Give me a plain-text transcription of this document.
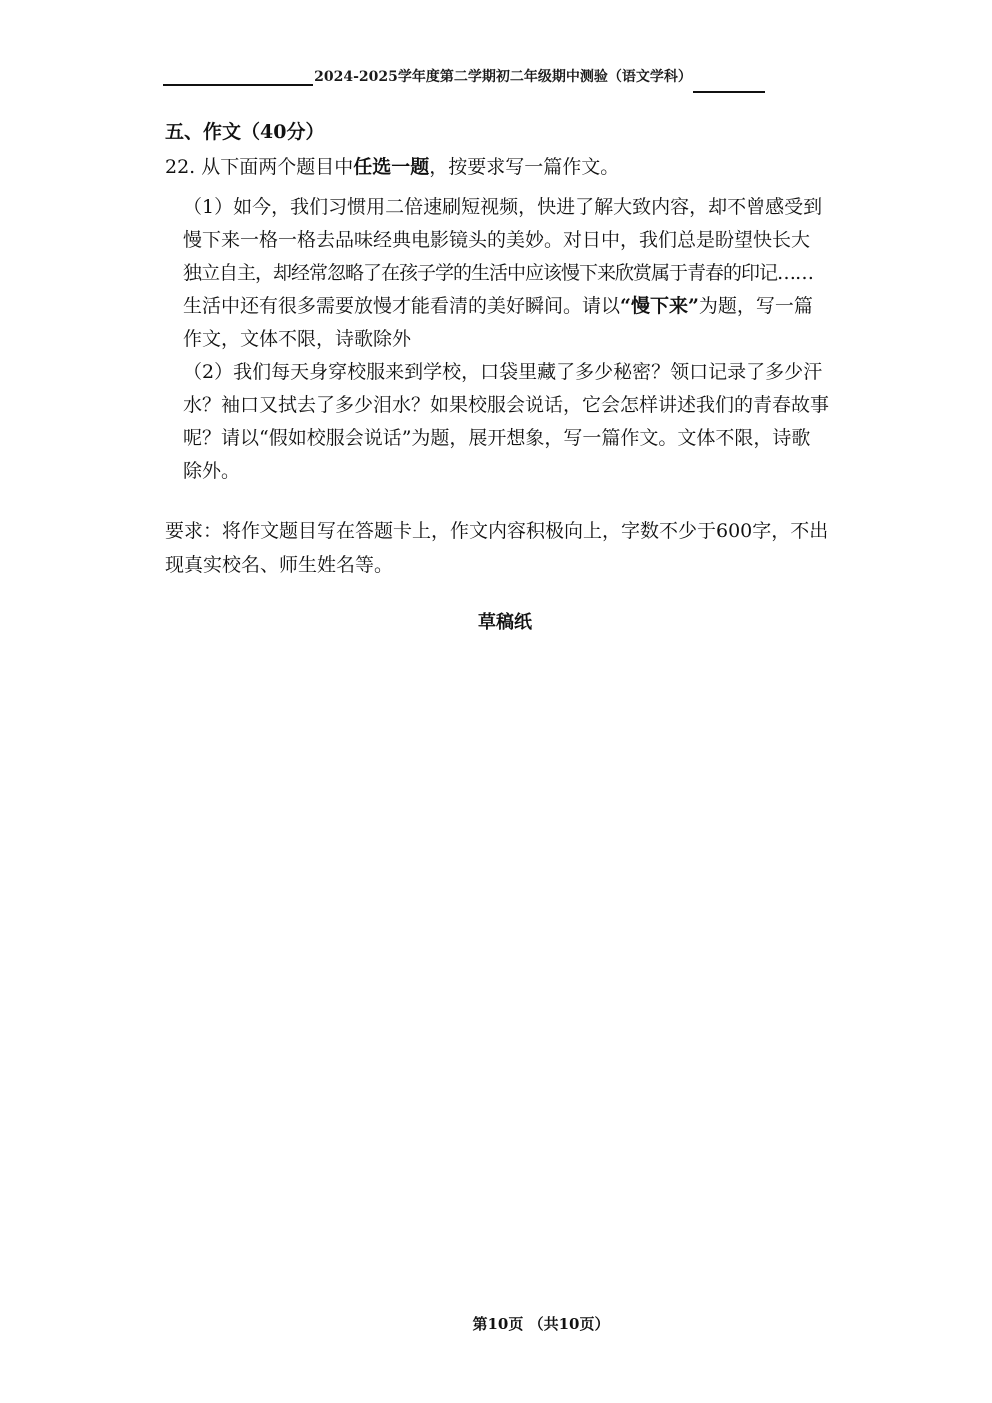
2024-2025学年度第二学期初二年级期中测验（语文学科）
五、作文（40分）
22. 从下面两个题目中任选一题，按要求写一篇作文。
（1）如今，我们习惯用二倍速刷短视频，快进了解大致内容，却不曾感受到
慢下来一格一格去品味经典电影镜头的美妙。对日中，我们总是盼望快长大
独立自主，却经常忽略了在孩子学的生活中应该慢下来欣赏属于青春的印记……
生活中还有很多需要放慢才能看清的美好瞬间。请以“慢下来”为题，写一篇
作文，文体不限，诗歌除外
（2）我们每天身穿校服来到学校，口袋里藏了多少秘密？领口记录了多少汗
水？袖口又拭去了多少泪水？如果校服会说话，它会怎样讲述我们的青春故事
呢？请以“假如校服会说话”为题，展开想象，写一篇作文。文体不限，诗歌
除外。
要求：将作文题目写在答题卡上，作文内容积极向上，字数不少于600字，不出
现真实校名、师生姓名等。
草稿纸
第10页 （共10页）
